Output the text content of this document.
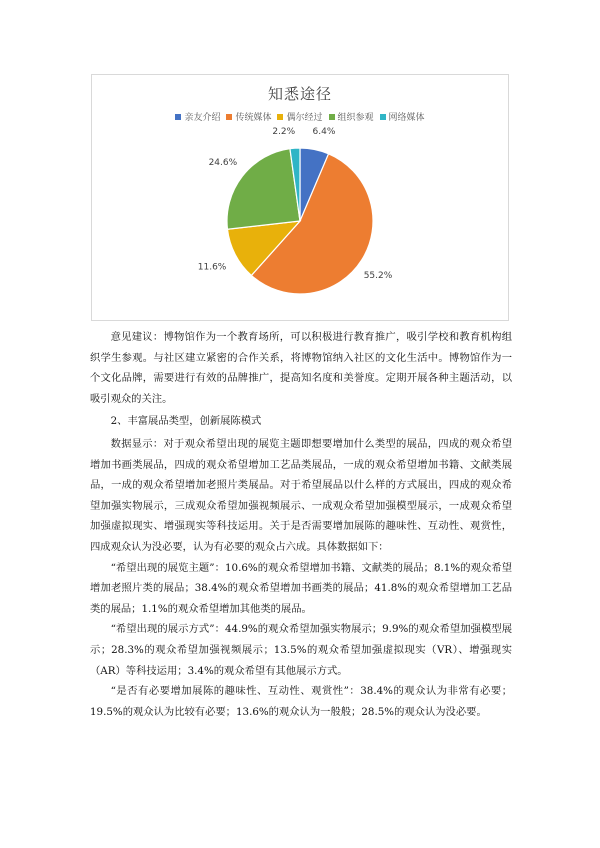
知悉途径
亲友介绍 传统媒体 偶尔经过 组织参观 网络媒体
6.4%
55.2%
11.6%
24.6%
2.2%

意见建议：博物馆作为一个教育场所，可以积极进行教育推广，吸引学校和教育机构组织学生参观。与社区建立紧密的合作关系，将博物馆纳入社区的文化生活中。博物馆作为一个文化品牌，需要进行有效的品牌推广，提高知名度和美誉度。定期开展各种主题活动，以吸引观众的关注。

2、丰富展品类型，创新展陈模式

数据显示：对于观众希望出现的展览主题即想要增加什么类型的展品，四成的观众希望增加书画类展品，四成的观众希望增加工艺品类展品，一成的观众希望增加书籍、文献类展品，一成的观众希望增加老照片类展品。对于希望展品以什么样的方式展出，四成的观众希望加强实物展示，三成观众希望加强视频展示、一成观众希望加强模型展示，一成观众希望加强虚拟现实、增强现实等科技运用。关于是否需要增加展陈的趣味性、互动性、观赏性，四成观众认为没必要，认为有必要的观众占六成。具体数据如下：

“希望出现的展览主题”：10.6%的观众希望增加书籍、文献类的展品；8.1%的观众希望增加老照片类的展品；38.4%的观众希望增加书画类的展品；41.8%的观众希望增加工艺品类的展品；1.1%的观众希望增加其他类的展品。

“希望出现的展示方式”：44.9%的观众希望加强实物展示；9.9%的观众希望加强模型展示；28.3%的观众希望加强视频展示；13.5%的观众希望加强虚拟现实（VR）、增强现实（AR）等科技运用；3.4%的观众希望有其他展示方式。

“是否有必要增加展陈的趣味性、互动性、观赏性”：38.4%的观众认为非常有必要；19.5%的观众认为比较有必要；13.6%的观众认为一般般；28.5%的观众认为没必要。
